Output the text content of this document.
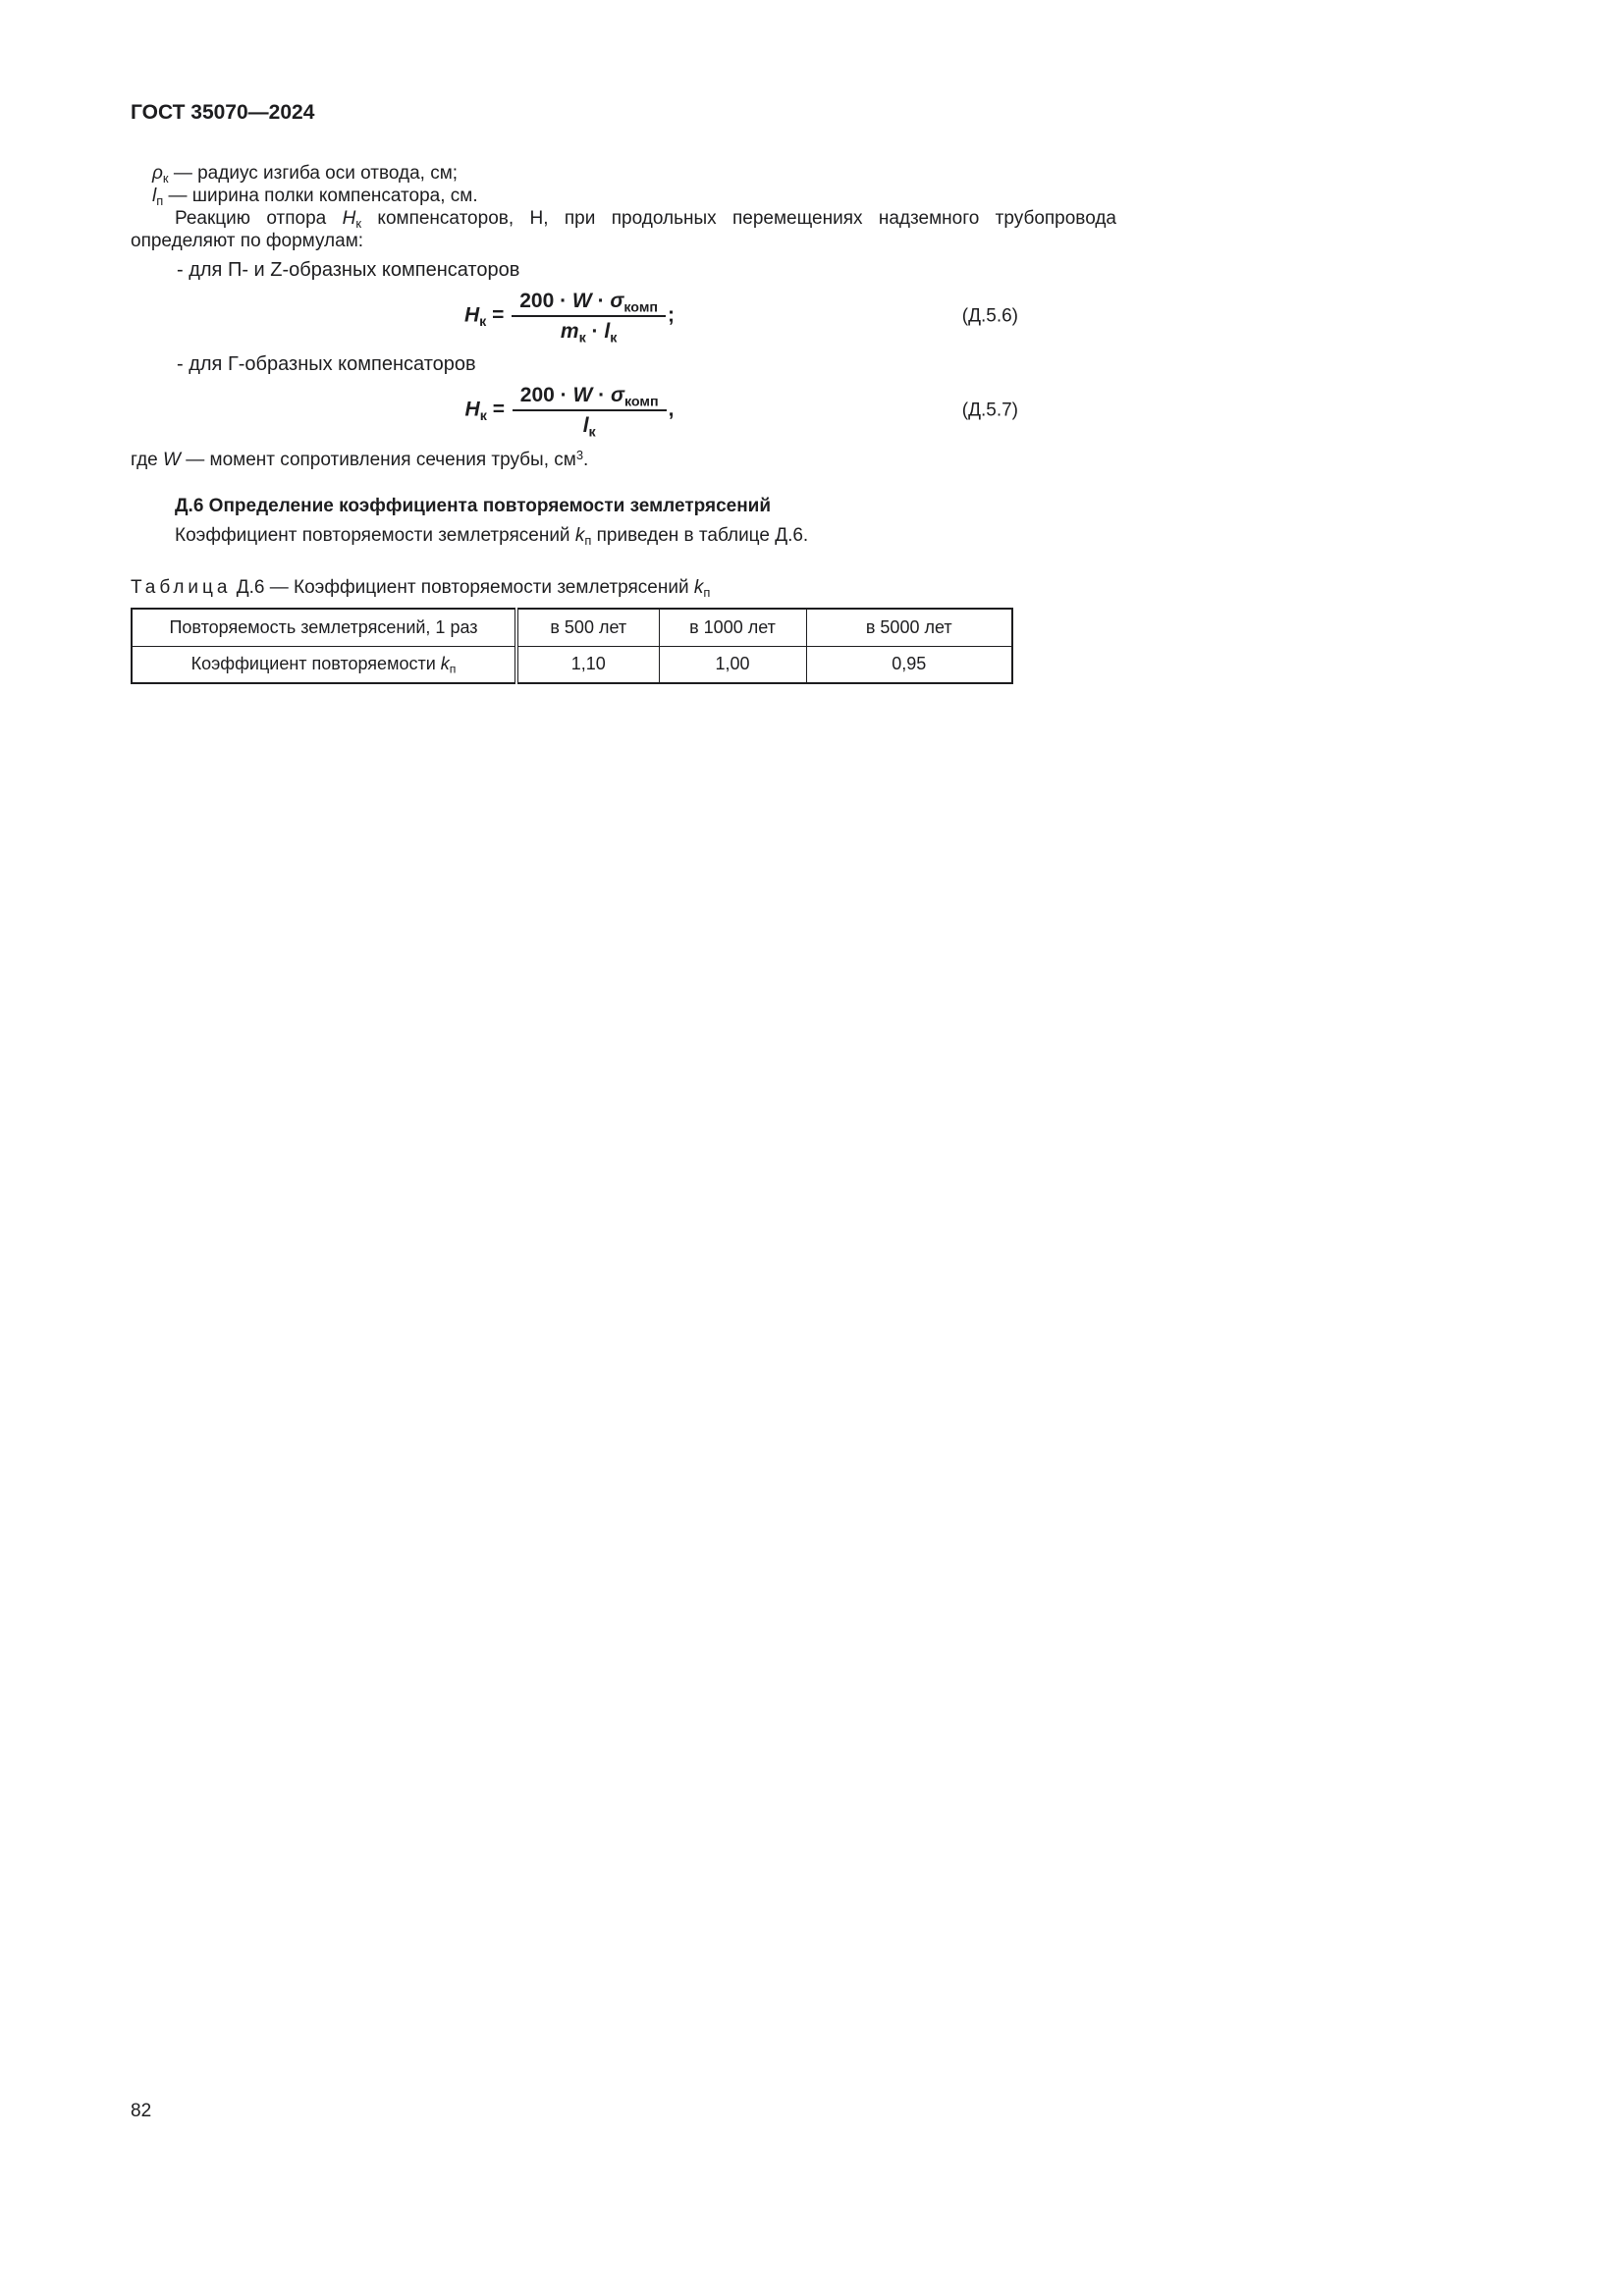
ГОСТ 35070—2024
$\rho_к$ — радиус изгиба оси отвода, см;
$l_п$ — ширина полки компенсатора, см.
Реакцию отпора $H_к$ компенсаторов, Н, при продольных перемещениях надземного трубопровода определяют по формулам:
- для П- и Z-образных компенсаторов
$H_к = \frac{200 \cdot W \cdot \sigma_{комп}}{m_к \cdot l_к}$ ;	(Д.5.6)
- для Г-образных компенсаторов
$H_к = \frac{200 \cdot W \cdot \sigma_{комп}}{l_к}$ ,	(Д.5.7)
где W — момент сопротивления сечения трубы, $см^3$.
Д.6 Определение коэффициента повторяемости землетрясений
Коэффициент повторяемости землетрясений $k_п$ приведен в таблице Д.6.
Таблица Д.6 — Коэффициент повторяемости землетрясений $k_п$
Повторяемость землетрясений, 1 раз	в 500 лет	в 1000 лет	в 5000 лет
Коэффициент повторяемости $k_п$	1,10	1,00	0,95
82
